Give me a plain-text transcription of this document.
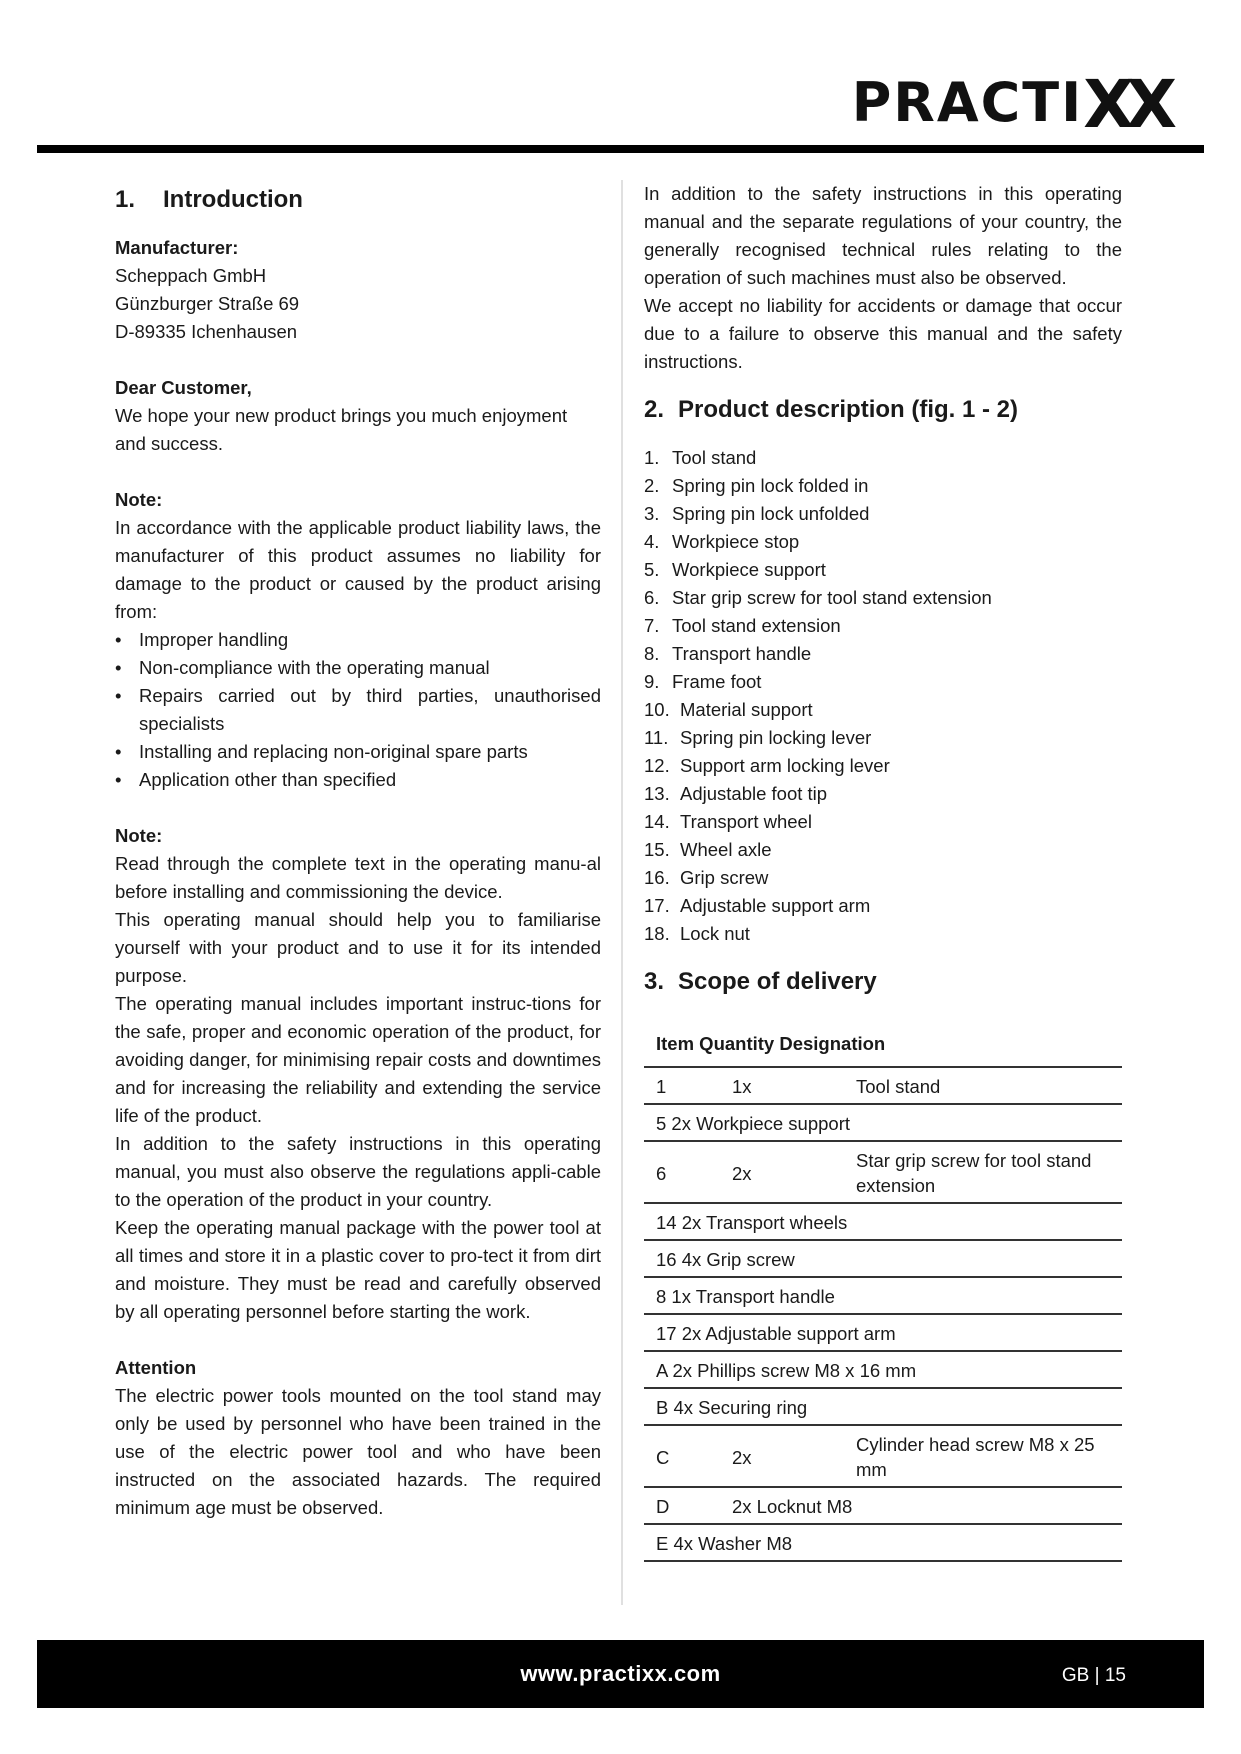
PRACTIXX
1. Introduction

Manufacturer:

Scheppach GmbH

Günzburger Straße 69

D-89335 Ichenhausen

Dear Customer,

We hope your new product brings you much enjoyment and success.

Note:

In accordance with the applicable product liability laws, the manufacturer of this product assumes no liability for damage to the product or caused by the product arising from:

• Improper handling
• Non-compliance with the operating manual
• Repairs carried out by third parties, unauthorised specialists
• Installing and replacing non-original spare parts
• Application other than specified

Note:

Read through the complete text in the operating manu-al before installing and commissioning the device.

This operating manual should help you to familiarise yourself with your product and to use it for its intended purpose.

The operating manual includes important instruc-tions for the safe, proper and economic operation of the product, for avoiding danger, for minimising repair costs and downtimes and for increasing the reliability and extending the service life of the product.

In addition to the safety instructions in this operating manual, you must also observe the regulations appli-cable to the operation of the product in your country.

Keep the operating manual package with the power tool at all times and store it in a plastic cover to pro-tect it from dirt and moisture. They must be read and carefully observed by all operating personnel before starting the work.

Attention

The electric power tools mounted on the tool stand may only be used by personnel who have been trained in the use of the electric power tool and who have been instructed on the associated hazards. The required minimum age must be observed.

In addition to the safety instructions in this operating manual and the separate regulations of your country, the generally recognised technical rules relating to the operation of such machines must also be observed.

We accept no liability for accidents or damage that occur due to a failure to observe this manual and the safety instructions.

2. Product description (fig. 1 - 2)
1. Tool stand
2. Spring pin lock folded in
3. Spring pin lock unfolded
4. Workpiece stop
5. Workpiece support
6. Star grip screw for tool stand extension
7. Tool stand extension
8. Transport handle
9. Frame foot
10. Material support
11. Spring pin locking lever
12. Support arm locking lever
13. Adjustable foot tip
14. Transport wheel
15. Wheel axle
16. Grip screw
17. Adjustable support arm
18. Lock nut
3. Scope of delivery
Item Quantity Designation
1	1x	Tool stand
5 2x Workpiece support		
6	2x	Star grip screw for tool stand extension
14 2x Transport wheels		
16 4x Grip screw		
8 1x Transport handle		
17 2x Adjustable support arm		
A 2x Phillips screw M8 x 16 mm		
B 4x Securing ring		
C	2x	Cylinder head screw M8 x 25 mm
D	2x Locknut M8	
E 4x Washer M8		
www.practixx.com	GB | 15
